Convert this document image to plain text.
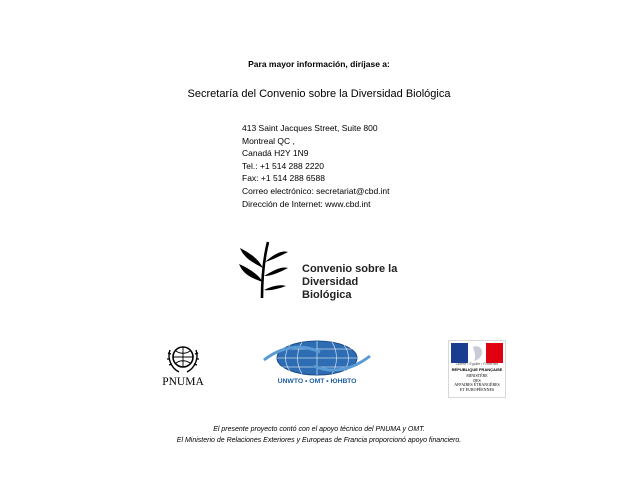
Para mayor información, diríjase a:
Secretaría del Convenio sobre la Diversidad Biológica
413 Saint Jacques Street, Suite 800
Montreal QC ,
Canadá H2Y 1N9
Tel.: +1 514 288 2220
Fax: +1 514 288 6588
Correo electrónico: secretariat@cbd.int
Dirección de Internet: www.cbd.int
Convenio sobre la
Diversidad Biológica
PNUMA	UNWTO • OMT • ЮНВТО
Liberté • Égalité • Fraternité
RÉPUBLIQUE FRANÇAISE
MINISTÈRE
DES
AFFAIRES ÉTRANGÈRES
ET EUROPÉENNES
El presente proyecto contó con el apoyo técnico del PNUMA y OMT.
El Ministerio de Relaciones Exteriores y Europeas de Francia proporcionó apoyo financiero.
